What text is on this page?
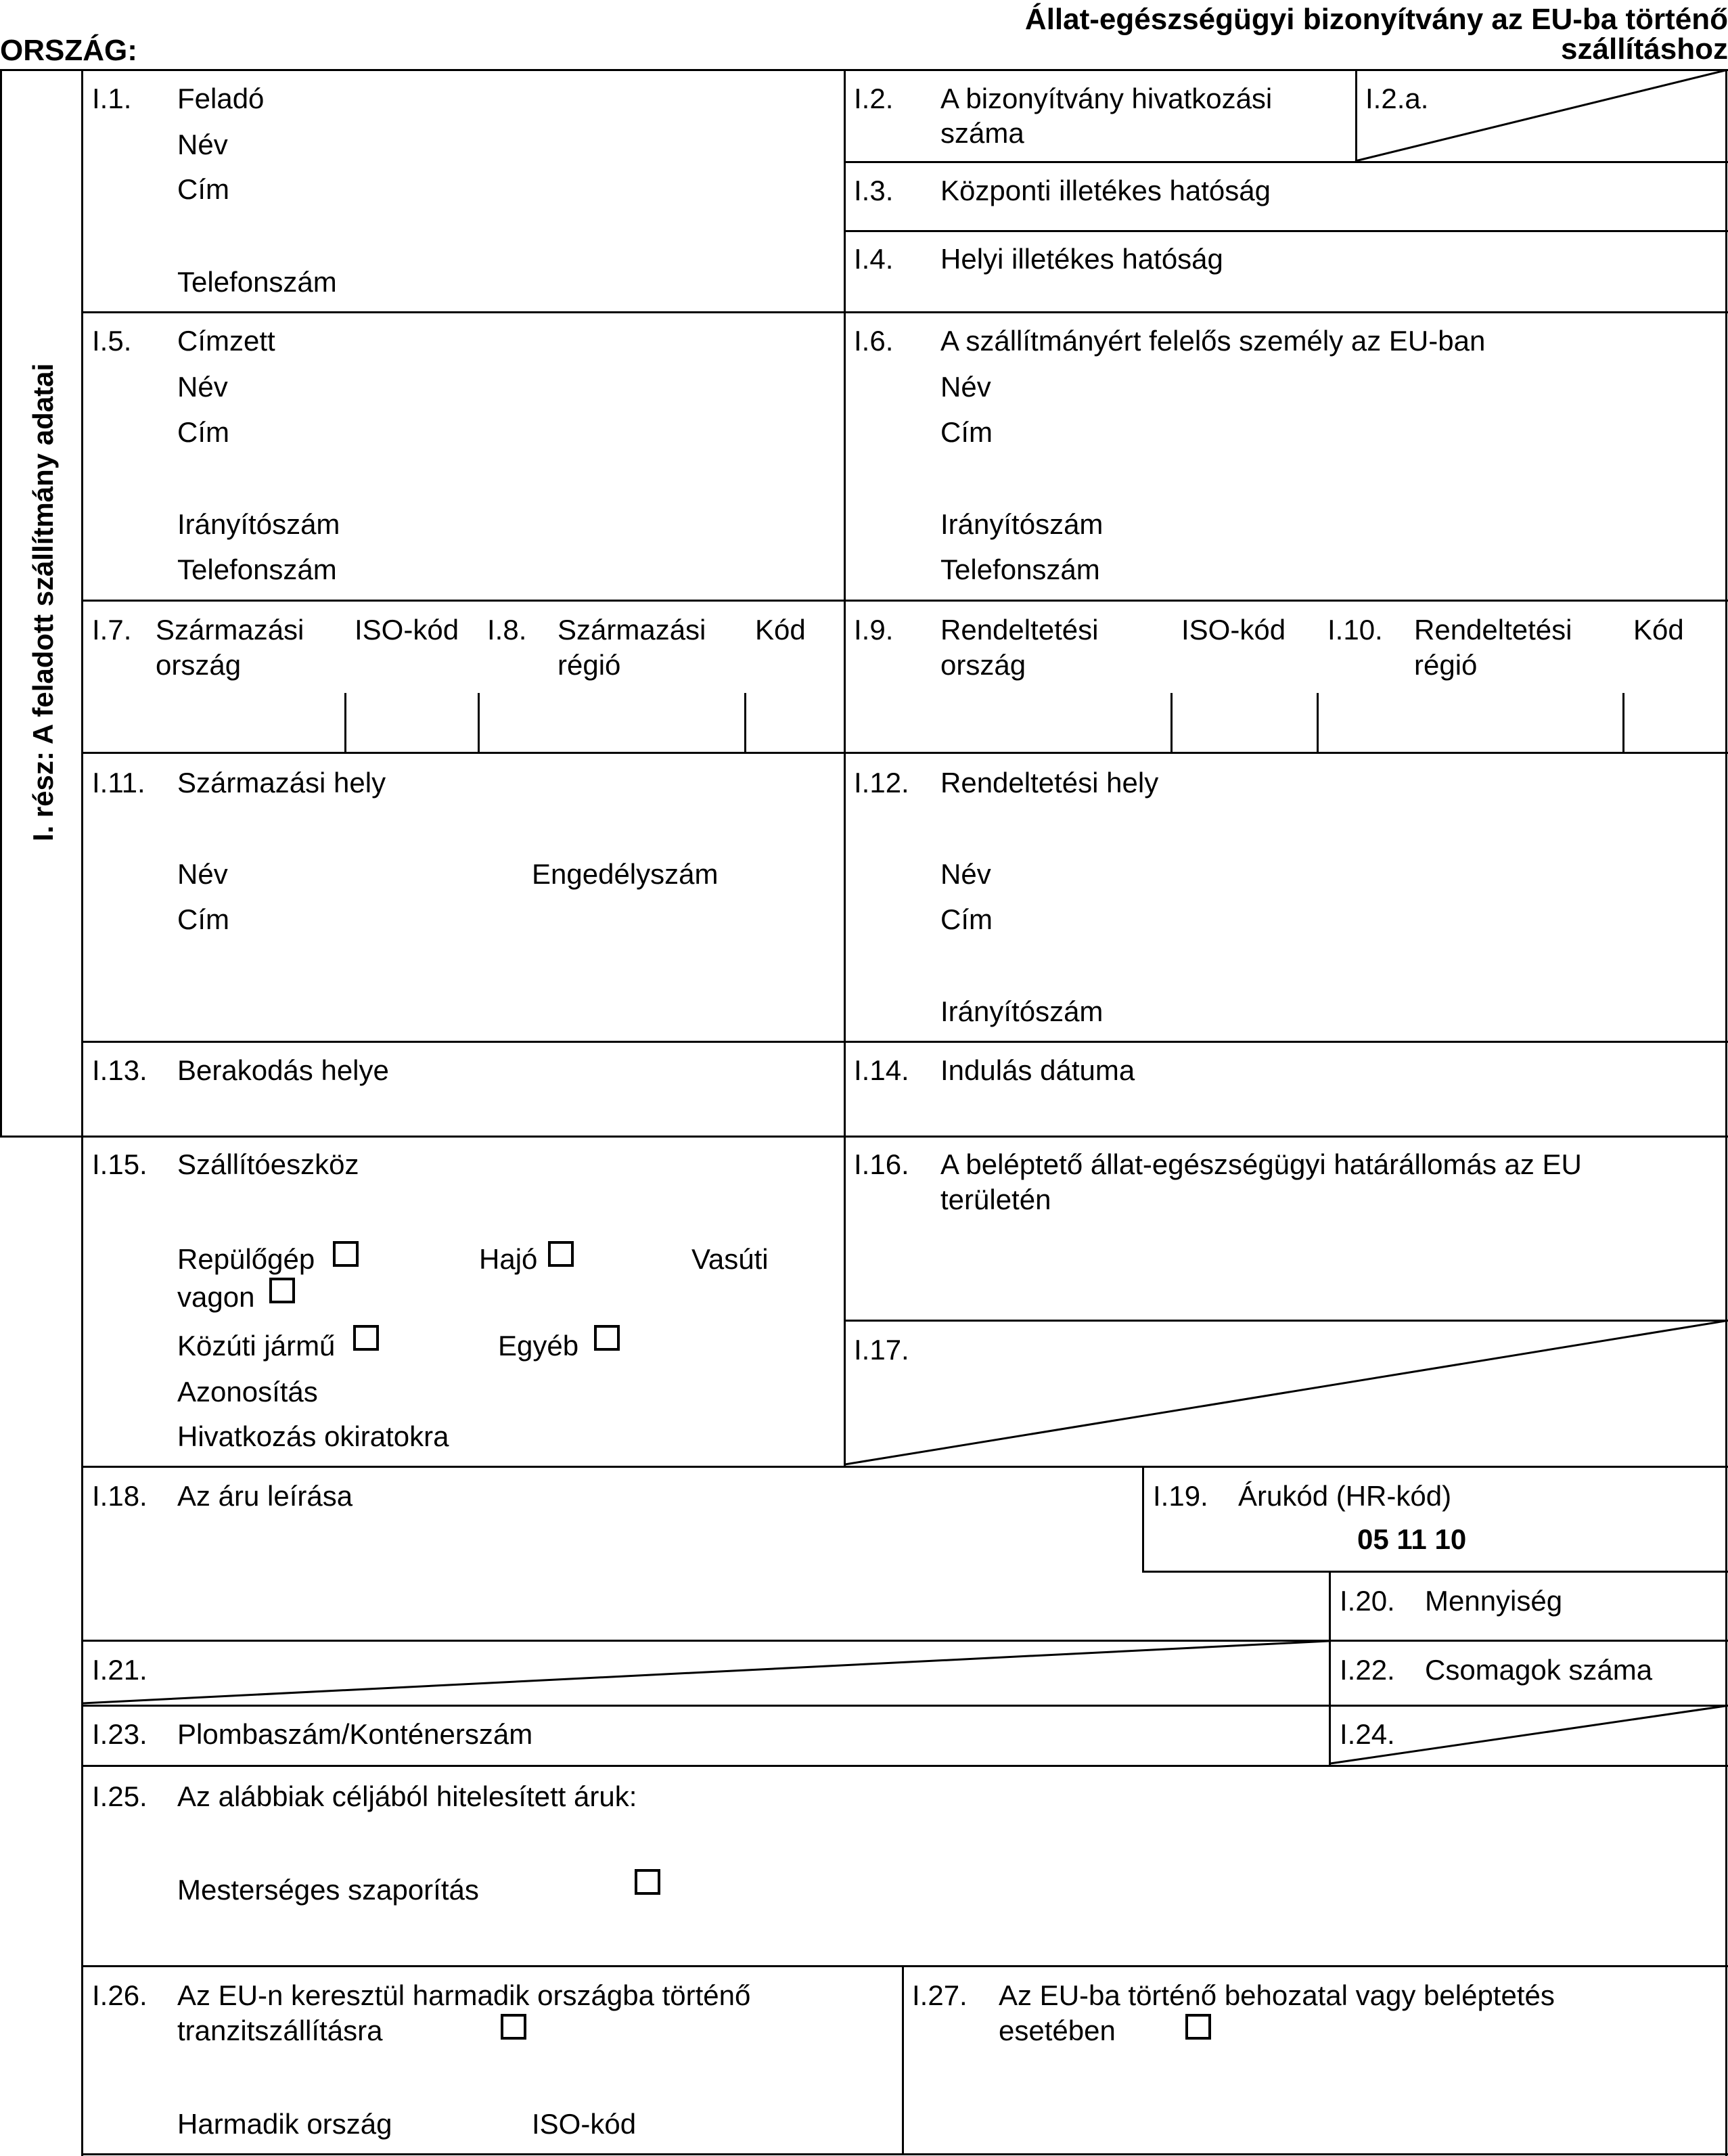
ORSZÁG:
Állat-egészségügyi bizonyítvány az EU-ba történő
szállításhoz
I. rész: A feladott szállítmány adatai
I.1. Feladó
Név
Cím
Telefonszám
I.2. A bizonyítvány hivatkozási
száma
I.2.a.
I.3. Központi illetékes hatóság
I.4. Helyi illetékes hatóság
I.5. Címzett
Név
Cím
Irányítószám
Telefonszám
I.6. A szállítmányért felelős személy az EU-ban
Név
Cím
Irányítószám
Telefonszám
I.7. Származási
ország
ISO-kód I.8. Származási
régió
Kód I.9. Rendeltetési
ország
ISO-kód I.10. Rendeltetési
régió
Kód
I.11. Származási hely
Név	Engedélyszám
Cím
I.12. Rendeltetési hely
Név
Cím
Irányítószám
I.13. Berakodás helye	I.14. Indulás dátuma
I.15. Szállítóeszköz
Repülőgép	Hajó	Vasúti
vagon
Közúti jármű	Egyéb
Azonosítás
Hivatkozás okiratokra
I.16. A beléptető állat-egészségügyi határállomás az EU
területén
I.17.
I.18. Az áru leírása	I.19. Árukód (HR-kód)
05 11 10
I.20. Mennyiség
I.21.	I.22. Csomagok száma
I.23. Plombaszám/Konténerszám	I.24.
I.25. Az alábbiak céljából hitelesített áruk:
Mesterséges szaporítás
I.26. Az EU-n keresztül harmadik országba történő
tranzitszállításra
Harmadik ország	ISO-kód
I.27. Az EU-ba történő behozatal vagy beléptetés
esetében
